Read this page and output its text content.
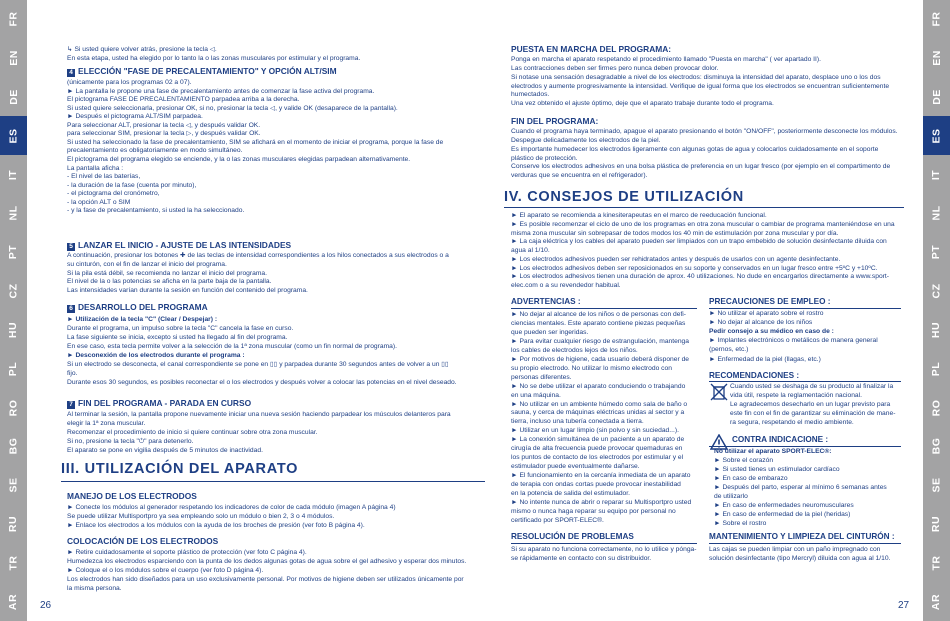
FR
EN
DE
ES
IT
NL
PT
CZ
HU
PL
RO
BG
SE
RU
TR
AR
FR
EN
DE
ES
IT
NL
PT
CZ
HU
PL
RO
BG
SE
RU
TR
AR
26	27
4 ELECCIÓN "FASE DE PRECALENTAMIENTO" Y OPCIÓN ALT/SIM
5 LANZAR EL INICIO - AJUSTE DE LAS INTENSIDADES
6 DESARROLLO DEL PROGRAMA
7 FIN DEL PROGRAMA - PARADA EN CURSO
III. UTILIZACIÓN DEL APARATO
MANEJO DE LOS ELECTRODOS
COLOCACIÓN DE LOS ELECTRODOS
↳ Si usted quiere volver atrás, presione la tecla ◁.
En esta etapa, usted ha elegido por lo tanto la o las zonas musculares por estimular y el programa.
(únicamente para los programas 02 a 07).
► La pantalla le propone una fase de precalentamiento antes de comenzar la fase activa del programa.
El pictograma FASE DE PRECALENTAMIENTO parpadea arriba a la derecha.
Si usted quiere seleccionarla, presionar OK, si no, presionar la tecla ◁, y valide OK (desaparece de la pantalla).
► Después el pictograma ALT/SIM parpadea.
Para seleccionar ALT, presionar la tecla ◁, y después validar OK.
para seleccionar SIM, presionar la tecla ▷, y después validar OK.
Si usted ha seleccionado la fase de precalentamiento, SIM se afichará en el momento de iniciar el programa, porque la fase de
precalentamiento es obligatoriamente en modo simultáneo.
El pictograma del programa elegido se enciende, y la o las zonas musculares elegidas parpadean alternativamente.
La pantalla aficha :
- El nivel de las baterías,
- la duración de la fase (cuenta por minuto),
- el pictograma del cronómetro,
- la opción ALT o SIM
- y la fase de precalentamiento, si usted la ha seleccionado.
A continuación, presionar los botones ✚ de las teclas de intensidad correspondientes a los hilos conectados a sus electrodos o a
su cinturón, con el fin de lanzar el inicio del programa.
Si la pila está débil, se recomienda no lanzar el inicio del programa.
El nivel de la o las potencias se aficha en la parte baja de la pantalla.
Las intensidades varían durante la sesión en función del contenido del programa.
► Utilización de la tecla "C" (Clear / Despejar) :
Durante el programa, un impulso sobre la tecla "C" cancela la fase en curso.
La fase siguiente se inicia, excepto si usted ha llegado al fin del programa.
En ese caso, esta tecla permite volver a la selección de la 1ª zona muscular (como un fin normal de programa).
► Desconexión de los electrodos durante el programa :
Si un electrodo se desconecta, el canal correspondiente se pone en ▯▯ y parpadea durante 30 segundos antes de volver a un ▯▯
fijo.
Durante esos 30 segundos, es posibles reconectar el o los electrodos y después volver a colocar las potencias en el nivel deseado.
Al terminar la sesión, la pantalla propone nuevamente iniciar una nueva sesión haciendo parpadear los músculos delanteros para
elegir la 1ª zona muscular.
Recomenzar el procedimiento de inicio si quiere continuar sobre otra zona muscular.
Si no, presione la tecla "⏻" para detenerlo.
El aparato se pone en vigilia después de 5 minutos de inactividad.
► Conecte los módulos al generador respetando los indicadores de color de cada módulo (imagen A página 4)
Se puede utilizar Multisportpro ya sea empleando solo un módulo o bien 2, 3 o 4 módulos.
► Enlace los electrodos a los módulos con la ayuda de los broches de presión (ver foto B página 4).
► Retire cuidadosamente el soporte plástico de protección (ver foto C página 4).
Humedezca los electrodos esparciendo con la punta de los dedos algunas gotas de agua sobre el gel adhesivo y esperar dos minutos.
► Coloque el o los módulos sobre el cuerpo (ver foto D página 4).
Los electrodos han sido diseñados para un uso exclusivamente personal. Por motivos de higiene deben ser utilizados únicamente por
la misma persona.
PUESTA EN MARCHA DEL PROGRAMA:
FIN DEL PROGRAMA:
IV. CONSEJOS DE UTILIZACIÓN
ADVERTENCIAS :
RESOLUCIÓN DE PROBLEMAS
PRECAUCIONES DE EMPLEO :
RECOMENDACIONES :
CONTRA INDICACIONE :
MANTENIMIENTO Y LIMPIEZA DEL CINTURÓN :
Ponga en marcha el aparato respetando el procedimiento llamado "Puesta en marcha" ( ver apartado II).
Las contracciones deben ser firmes pero nunca deben provocar dolor.
Si notase una sensación desagradable a nivel de los electrodos: disminuya la intensidad del aparato, desplace uno o los dos
electrodos y aumente progresivamente la intensidad. Verifique de igual forma que los electrodos se encuentran suficientemente
humectados.
Una vez obtenido el ajuste óptimo, deje que el aparato trabaje durante todo el programa.
Cuando el programa haya terminado, apague el aparato presionando el botón "ON/OFF", posteriormente desconecte los módulos.
Despegue delicadamente los electrodos de la piel.
Es importante humedecer los electrodos ligeramente con algunas gotas de agua y colocarlos cuidadosamente en el soporte
plástico de protección.
Conserve los electrodos adhesivos en una bolsa plástica de preferencia en un lugar fresco (por ejemplo en el compartimento de
verduras que se encuentra en el refrigerador).
► El aparato se recomienda a kinesiterapeutas en el marco de reeducación funcional.
► Es posible recomenzar el ciclo de uno de los programas en otra zona muscular o cambiar de programa manteniéndose en una
misma zona muscular sin sobrepasar de todos modos los 40 min de estimulación por zona muscular y por día.
► La caja eléctrica y los cables del aparato pueden ser limpiados con un trapo embebido de solución desinfectante diluida con
agua al 1/10.
► Los electrodos adhesivos pueden ser rehidratados antes y después de usarlos con un agente desinfectante.
► Los electrodos adhesivos deben ser reposicionados en su soporte y conservados en un lugar fresco entre +5ºC y +10ºC.
► Los electrodos adhesivos tienen una duración de aprox. 40 utilizaciones. No dude en encargarlos directamente a www.sport-
elec.com o a su revendedor habitual.
► No dejar al alcance de los niños o de personas con defi-
ciencias mentales. Este aparato contiene piezas pequeñas
que pueden ser ingeridas.
► Para evitar cualquier riesgo de estrangulación, mantenga
los cables de electrodos lejos de los niños.
► Por motivos de higiene, cada usuario deberá disponer de
su propio electrodo. No utilizar lo mismo electrodo con
personas diferentes.
► No se debe utilizar el aparato conduciendo o trabajando
en una máquina.
► No utilizar en un ambiente húmedo como sala de baño o
sauna, y cerca de máquinas eléctricas unidas al sector y a
tierra, incluso una tubería conectada a tierra.
► Utilizar en un lugar limpio (sin polvo y sin suciedad...).
► La conexión simultánea de un paciente a un aparato de
cirugía de alta frecuencia puede provocar quemaduras en
los puntos de contacto de los electrodos por estimular y el
estimulador puede eventualmente dañarse.
► El funcionamiento en la cercanía inmediata de un aparato
de terapia con ondas cortas puede provocar inestabilidad
en la potencia de salida del estimulador.
► No intente nunca de abrir o reparar su Multisportpro usted
mismo o nunca haga reparar su equipo por personal no
certificado por SPORT-ELEC®.
Si su aparato no funciona correctamente, no lo utilice y pónga-
se rápidamente en contacto con su distribuidor.
► No utilizar el aparato sobre el rostro
► No dejar al alcance de los niños
Pedir consejo a su médico en caso de :
► Implantes electrónicos o metálicos de manera general
(pernos, etc.)
► Enfermedad de la piel (llagas, etc.)
Cuando usted se deshaga de su producto al finalizar la
vida útil, respete la reglamentación nacional.
Le agradecemos desecharlo en un lugar previsto para
este fin con el fin de garantizar su eliminación de mane-
ra segura, respetando el medio ambiente.
No utilizar el aparato SPORT-ELEC®:
► Sobre el corazón
► Si usted tienes un estimulador cardíaco
► En caso de embarazo
► Después del parto, esperar al mínimo 6 semanas antes
de utilizarlo
► En caso de enfermedades neuromusculares
► En caso de enfermedad de la piel (heridas)
► Sobre el rostro
Las cajas se pueden limpiar con un paño impregnado con
solución desinfectante (tipo Mercryl) diluida con agua al 1/10.
